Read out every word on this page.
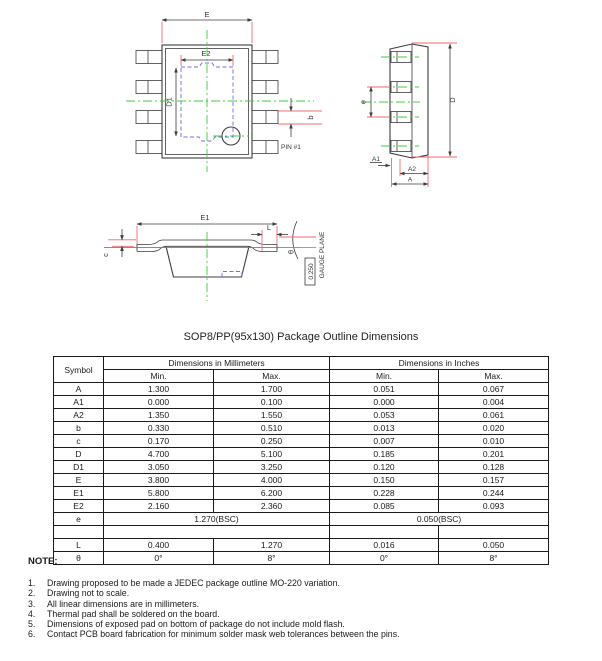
E
E2
D1
b
PIN #1
D
e
A1
A2
A
E1
c
L
θ
0.250 GAUGE PLANE
SOP8/PP(95x130) Package Outline Dimensions
Symbol	Dimensions in Millimeters		Dimensions in Inches	
	Min.	Max.	Min.	Max.
A	1.300	1.700	0.051	0.067
A1	0.000	0.100	0.000	0.004
A2	1.350	1.550	0.053	0.061
b	0.330	0.510	0.013	0.020
c	0.170	0.250	0.007	0.010
D	4.700	5.100	0.185	0.201
D1	3.050	3.250	0.120	0.128
E	3.800	4.000	0.150	0.157
E1	5.800	6.200	0.228	0.244
E2	2.160	2.360	0.085	0.093
e	1.270(BSC)		0.050(BSC)	

L	0.400	1.270	0.016	0.050
θ	0°	8°	0°	8°
NOTE:
1.	Drawing proposed to be made a JEDEC package outline MO-220 variation.
2.	Drawing not to scale.
3.	All linear dimensions are in millimeters.
4.	Thermal pad shall be soldered on the board.
5.	Dimensions of exposed pad on bottom of package do not include mold flash.
6.	Contact PCB board fabrication for minimum solder mask web tolerances between the pins.
